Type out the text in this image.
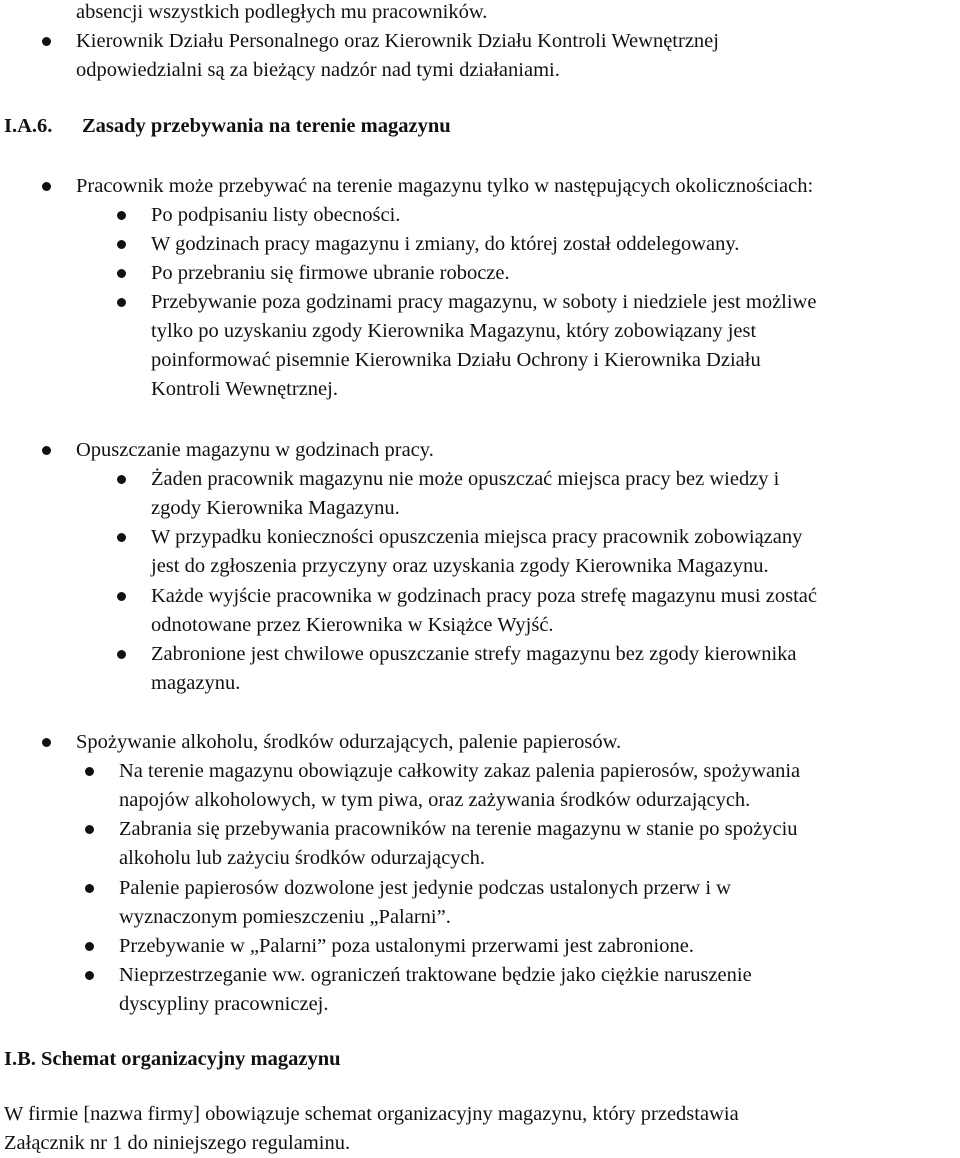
absencji wszystkich podległych mu pracowników.

Kierownik Działu Personalnego oraz Kierownik Działu Kontroli Wewnętrznej

odpowiedzialni są za bieżący nadzór nad tymi działaniami.

I.A.6. Zasady przebywania na terenie magazynu

Pracownik może przebywać na terenie magazynu tylko w następujących okolicznościach:

Po podpisaniu listy obecności.

W godzinach pracy magazynu i zmiany, do której został oddelegowany.

Po przebraniu się firmowe ubranie robocze.

Przebywanie poza godzinami pracy magazynu, w soboty i niedziele jest możliwe

tylko po uzyskaniu zgody Kierownika Magazynu, który zobowiązany jest

poinformować pisemnie Kierownika Działu Ochrony i Kierownika Działu

Kontroli Wewnętrznej.

Opuszczanie magazynu w godzinach pracy.

Żaden pracownik magazynu nie może opuszczać miejsca pracy bez wiedzy i

zgody Kierownika Magazynu.

W przypadku konieczności opuszczenia miejsca pracy pracownik zobowiązany

jest do zgłoszenia przyczyny oraz uzyskania zgody Kierownika Magazynu.

Każde wyjście pracownika w godzinach pracy poza strefę magazynu musi zostać

odnotowane przez Kierownika w Książce Wyjść.

Zabronione jest chwilowe opuszczanie strefy magazynu bez zgody kierownika

magazynu.

Spożywanie alkoholu, środków odurzających, palenie papierosów.

Na terenie magazynu obowiązuje całkowity zakaz palenia papierosów, spożywania

napojów alkoholowych, w tym piwa, oraz zażywania środków odurzających.

Zabrania się przebywania pracowników na terenie magazynu w stanie po spożyciu

alkoholu lub zażyciu środków odurzających.

Palenie papierosów dozwolone jest jedynie podczas ustalonych przerw i w

wyznaczonym pomieszczeniu „Palarni”.

Przebywanie w „Palarni” poza ustalonymi przerwami jest zabronione.

Nieprzestrzeganie ww. ograniczeń traktowane będzie jako ciężkie naruszenie

dyscypliny pracowniczej.

I.B. Schemat organizacyjny magazynu

W firmie [nazwa firmy] obowiązuje schemat organizacyjny magazynu, który przedstawia

Załącznik nr 1 do niniejszego regulaminu.
